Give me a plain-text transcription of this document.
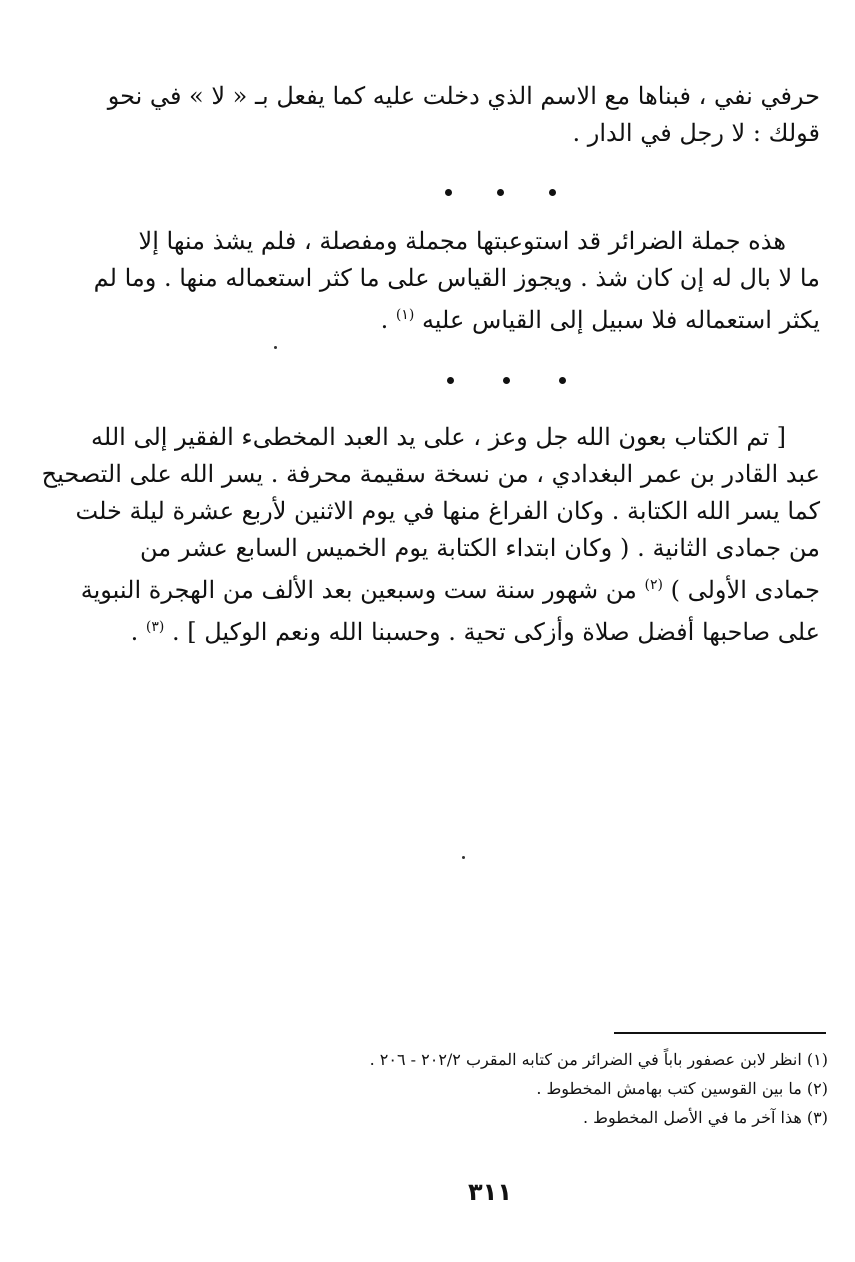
حرفي نفي ، فبناها مع الاسم الذي دخلت عليه كما يفعل بـ « لا » في نحو
قولك : لا رجل في الدار .
هذه جملة الضرائر قد استوعبتها مجملة ومفصلة ، فلم يشذ منها إلا
ما لا بال له إن كان شذ . ويجوز القياس على ما كثر استعماله منها . وما لم
يكثر استعماله فلا سبيل إلى القياس عليه $^{(١)}$ .
[ تم الكتاب بعون الله جل وعز ، على يد العبد المخطىء الفقير إلى الله
عبد القادر بن عمر البغدادي ، من نسخة سقيمة محرفة . يسر الله على التصحيح
كما يسر الله الكتابة . وكان الفراغ منها في يوم الاثنين لأربع عشرة ليلة خلت
من جمادى الثانية . ( وكان ابتداء الكتابة يوم الخميس السابع عشر من
جمادى الأولى ) $^{(٢)}$ من شهور سنة ست وسبعين بعد الألف من الهجرة النبوية
على صاحبها أفضل صلاة وأزكى تحية . وحسبنا الله ونعم الوكيل ] . $^{(٣)}$ .
(١) انظر لابن عصفور باباً في الضرائر من كتابه المقرب ٢٠٢/٢ - ٢٠٦ .
(٢) ما بين القوسين كتب بهامش المخطوط .
(٣) هذا آخر ما في الأصل المخطوط .
٣١١
